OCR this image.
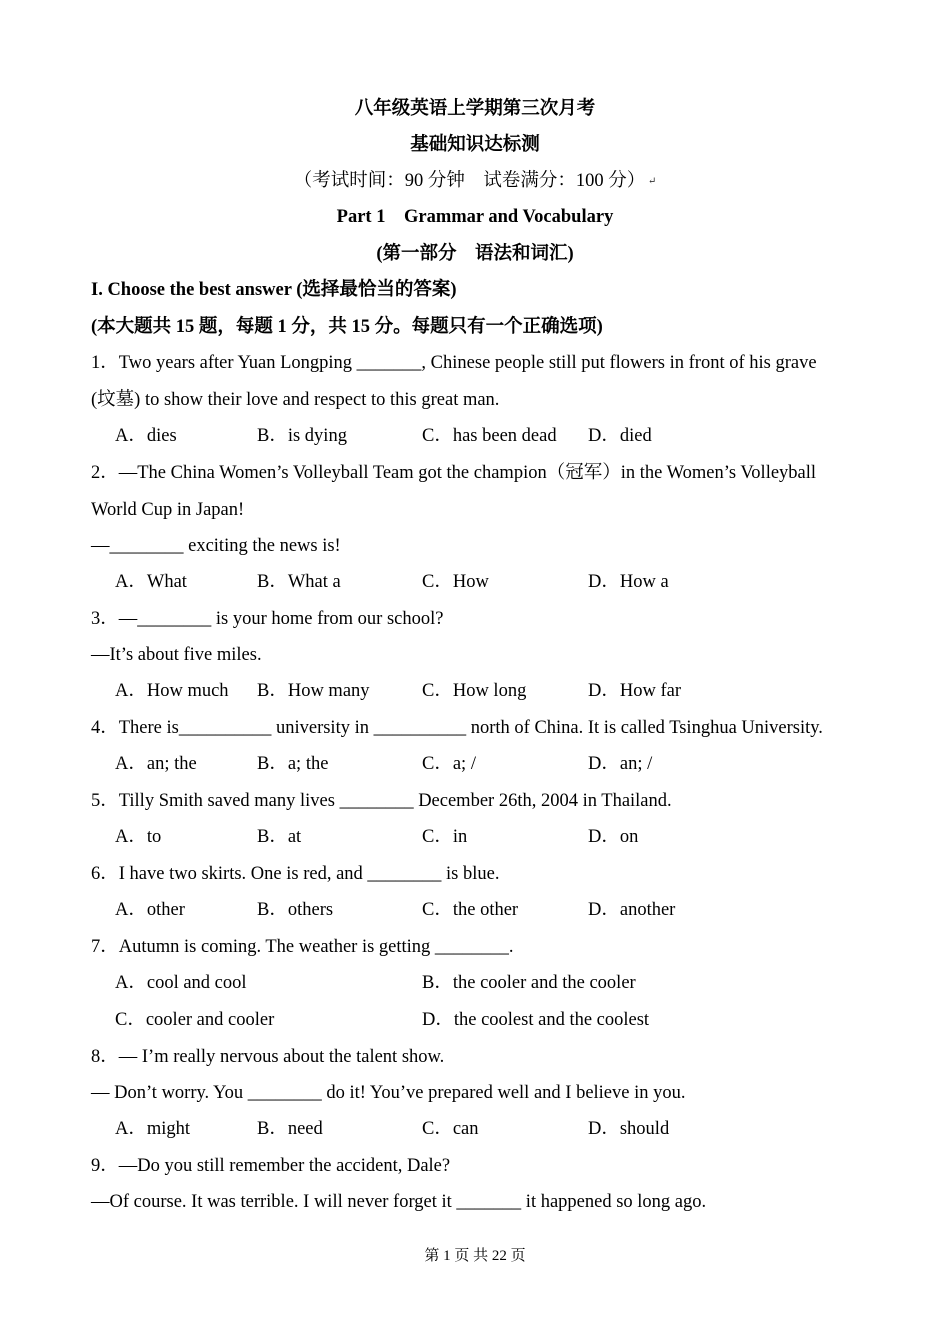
八年级英语上学期第三次月考
基础知识达标测
（考试时间：90 分钟　试卷满分：100 分） ↵
Part 1　Grammar and Vocabulary
(第一部分　语法和词汇)
I. Choose the best answer (选择最恰当的答案)
(本大题共 15 题，每题 1 分，共 15 分。每题只有一个正确选项)
1．Two years after Yuan Longping _______, Chinese people still put flowers in front of his grave
(坟墓) to show their love and respect to this great man.
A．dies	B．is dying	C．has been dead D．died
2．—The China Women’s Volleyball Team got the champion（冠军）in the Women’s Volleyball
World Cup in Japan!
—________ exciting the news is!
A．What	B．What a	C．How	D．How a
3．—________ is your home from our school?
—It’s about five miles.
A．How much B．How many	C．How long	D．How far
4．There is__________ university in __________ north of China. It is called Tsinghua University.
A．an; the	B．a; the	C．a; /	D．an; /
5．Tilly Smith saved many lives ________ December 26th, 2004 in Thailand.
A．to	B．at	C．in	D．on
6．I have two skirts. One is red, and ________ is blue.
A．other	B．others	C．the other	D．another
7．Autumn is coming. The weather is getting ________.
A．cool and cool	B．the cooler and the cooler
C．cooler and cooler	D．the coolest and the coolest
8．— I’m really nervous about the talent show.
— Don’t worry. You ________ do it! You’ve prepared well and I believe in you.
A．might	B．need	C．can	D．should
9．—Do you still remember the accident, Dale?
—Of course. It was terrible. I will never forget it _______ it happened so long ago.
第 1 页 共 22 页
